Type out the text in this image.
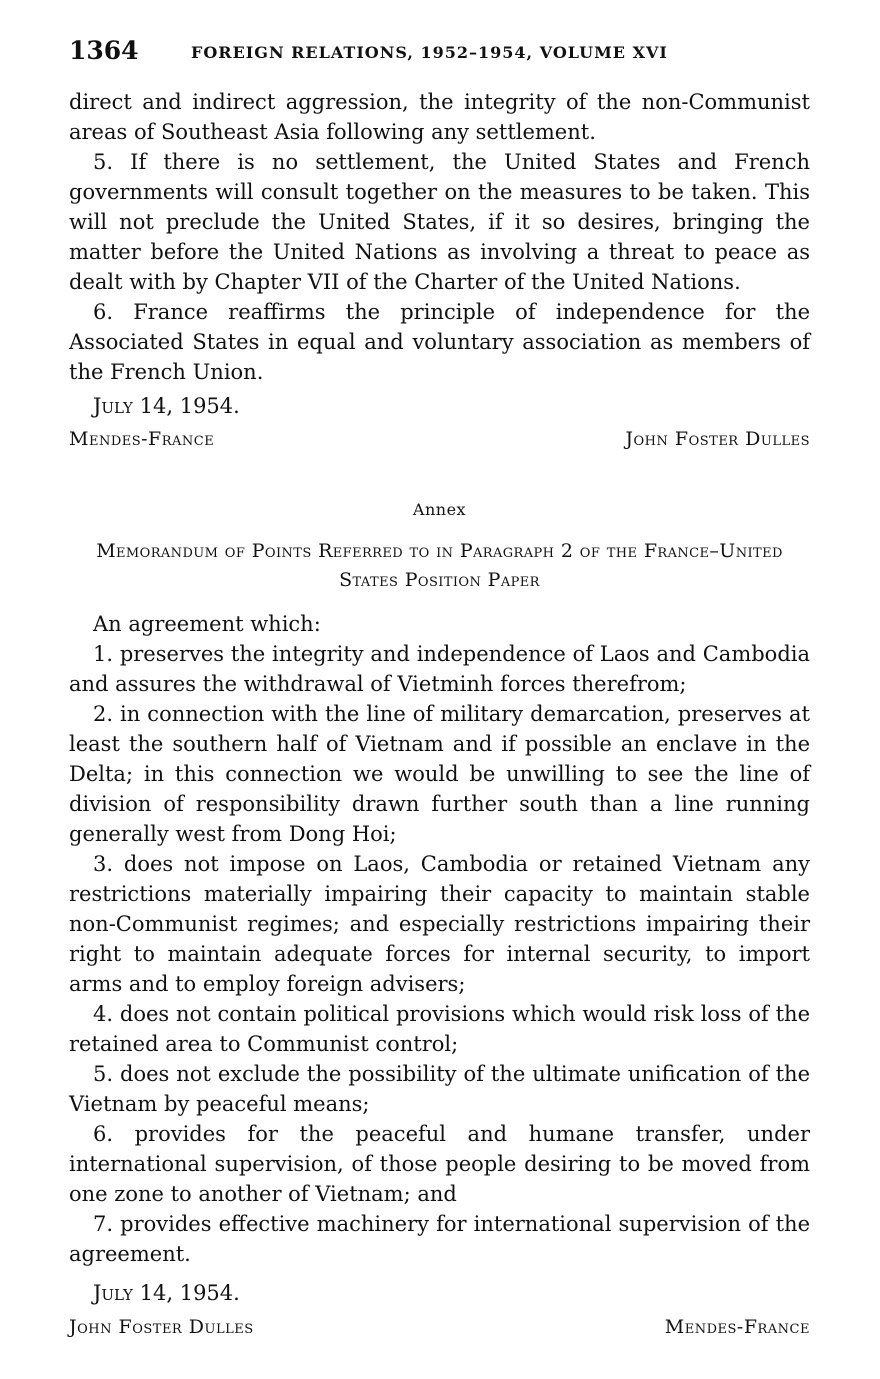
1364	FOREIGN RELATIONS, 1952–1954, VOLUME XVI

direct and indirect aggression, the integrity of the non-Communist areas of Southeast Asia following any settlement.

5. If there is no settlement, the United States and French governments will consult together on the measures to be taken. This will not preclude the United States, if it so desires, bringing the matter before the United Nations as involving a threat to peace as dealt with by Chapter VII of the Charter of the United Nations.

6. France reaffirms the principle of independence for the Associated States in equal and voluntary association as members of the French Union.

July 14, 1954.
Mendes-France	John Foster Dulles
Annex
Memorandum of Points Referred to in Paragraph 2 of the France–United States Position Paper

An agreement which:

1. preserves the integrity and independence of Laos and Cambodia and assures the withdrawal of Vietminh forces therefrom;

2. in connection with the line of military demarcation, preserves at least the southern half of Vietnam and if possible an enclave in the Delta; in this connection we would be unwilling to see the line of division of responsibility drawn further south than a line running generally west from Dong Hoi;

3. does not impose on Laos, Cambodia or retained Vietnam any restrictions materially impairing their capacity to maintain stable non-Communist regimes; and especially restrictions impairing their right to maintain adequate forces for internal security, to import arms and to employ foreign advisers;

4. does not contain political provisions which would risk loss of the retained area to Communist control;

5. does not exclude the possibility of the ultimate unification of the Vietnam by peaceful means;

6. provides for the peaceful and humane transfer, under international supervision, of those people desiring to be moved from one zone to another of Vietnam; and

7. provides effective machinery for international supervision of the agreement.

July 14, 1954.
John Foster Dulles	Mendes-France
